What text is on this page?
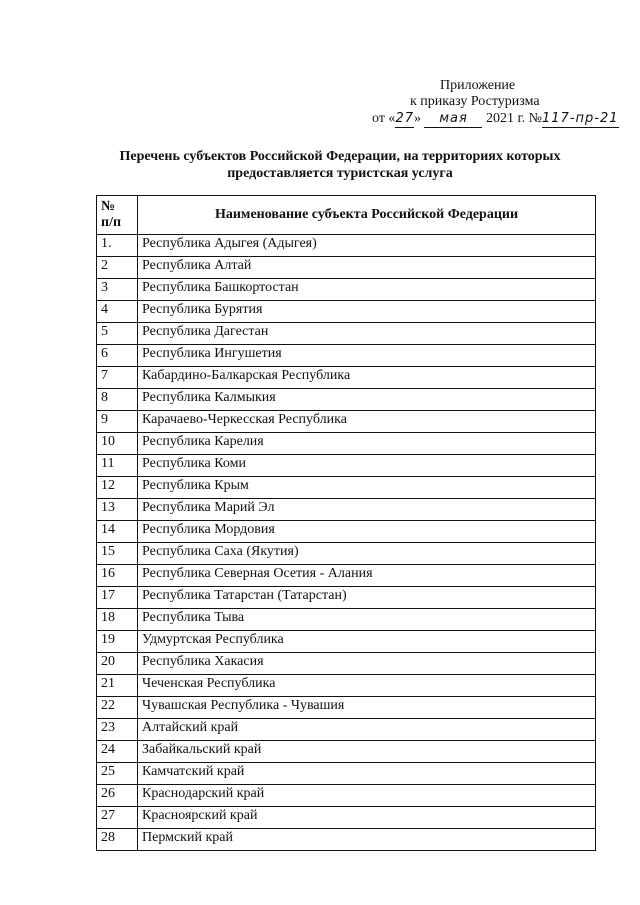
Приложение
к приказу Ростуризма
от «27» мая 2021 г. №117-пр-21
Перечень субъектов Российской Федерации, на территориях которых
предоставляется туристская услуга
№
п/п	Наименование субъекта Российской Федерации
1.	Республика Адыгея (Адыгея)
2	Республика Алтай
3	Республика Башкортостан
4	Республика Бурятия
5	Республика Дагестан
6	Республика Ингушетия
7	Кабардино-Балкарская Республика
8	Республика Калмыкия
9	Карачаево-Черкесская Республика
10	Республика Карелия
11	Республика Коми
12	Республика Крым
13	Республика Марий Эл
14	Республика Мордовия
15	Республика Саха (Якутия)
16	Республика Северная Осетия - Алания
17	Республика Татарстан (Татарстан)
18	Республика Тыва
19	Удмуртская Республика
20	Республика Хакасия
21	Чеченская Республика
22	Чувашская Республика - Чувашия
23	Алтайский край
24	Забайкальский край
25	Камчатский край
26	Краснодарский край
27	Красноярский край
28	Пермский край
